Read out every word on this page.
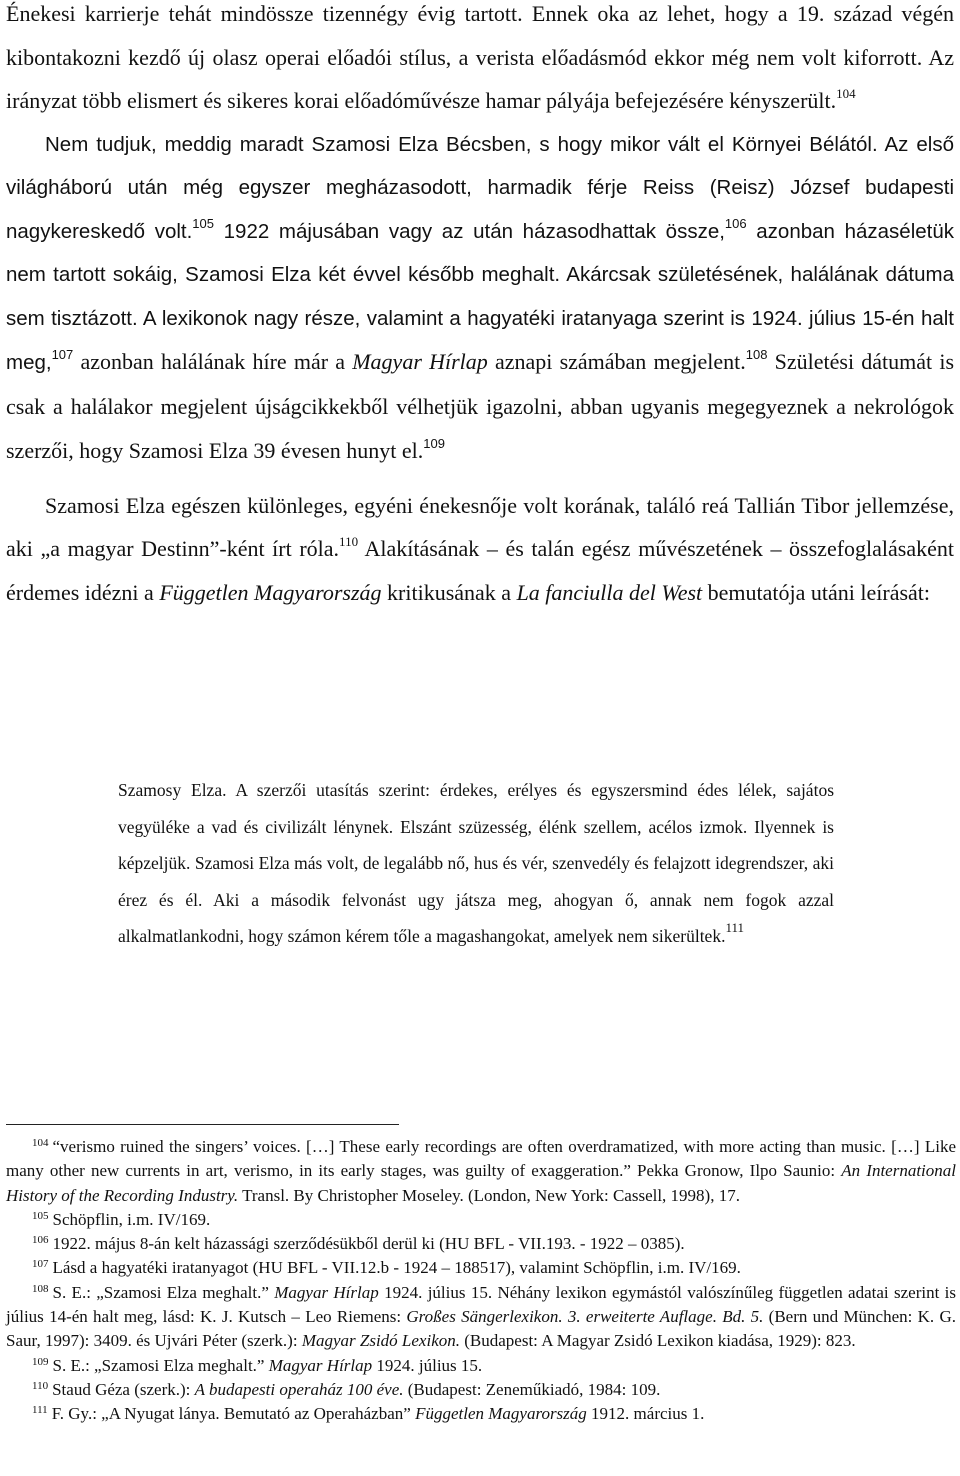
Énekesi karrierje tehát mindössze tizennégy évig tartott. Ennek oka az lehet, hogy a 19. század végén kibontakozni kezdő új olasz operai előadói stílus, a verista előadásmód ekkor még nem volt kiforrott. Az irányzat több elismert és sikeres korai előadóművésze hamar pályája befejezésére kényszerült.$^{104}$
Nem tudjuk, meddig maradt Szamosi Elza Bécsben, s hogy mikor vált el Környei Bélától. Az első világháború után még egyszer megházasodott, harmadik férje Reiss (Reisz) József budapesti nagykereskedő volt.$^{105}$ 1922 májusában vagy az után házasodhattak össze,$^{106}$ azonban házaséletük nem tartott sokáig, Szamosi Elza két évvel később meghalt. Akárcsak születésének, halálának dátuma sem tisztázott. A lexikonok nagy része, valamint a hagyatéki iratanyaga szerint is 1924. július 15-én halt meg,$^{107}$ azonban halálának híre már a Magyar Hírlap aznapi számában megjelent.$^{108}$ Születési dátumát is csak a halálakor megjelent újságcikkekből vélhetjük igazolni, abban ugyanis megegyeznek a nekrológok szerzői, hogy Szamosi Elza 39 évesen hunyt el.$^{109}$

Szamosi Elza egészen különleges, egyéni énekesnője volt korának, találó reá Tallián Tibor jellemzése, aki „a magyar Destinn”-ként írt róla.$^{110}$ Alakításának – és talán egész művészetének – összefoglalásaként érdemes idézni a Független Magyarország kritikusának a La fanciulla del West bemutatója utáni leírását:

Szamosy Elza. A szerzői utasítás szerint: érdekes, erélyes és egyszersmind édes lélek, sajátos vegyüléke a vad és civilizált lénynek. Elszánt szüzesség, élénk szellem, acélos izmok. Ilyennek is képzeljük. Szamosi Elza más volt, de legalább nő, hus és vér, szenvedély és felajzott idegrendszer, aki érez és él. Aki a második felvonást ugy játsza meg, ahogyan ő, annak nem fogok azzal alkalmatlankodni, hogy számon kérem tőle a magashangokat, amelyek nem sikerültek.$^{111}$

$^{104}$ “verismo ruined the singers’ voices. […] These early recordings are often overdramatized, with more acting than music. […] Like many other new currents in art, verismo, in its early stages, was guilty of exaggeration.” Pekka Gronow, Ilpo Saunio: An International History of the Recording Industry. Transl. By Christopher Moseley. (London, New York: Cassell, 1998), 17.

$^{105}$ Schöpflin, i.m. IV/169.

$^{106}$ 1922. május 8-án kelt házassági szerződésükből derül ki (HU BFL - VII.193. - 1922 – 0385).

$^{107}$ Lásd a hagyatéki iratanyagot (HU BFL - VII.12.b - 1924 – 188517), valamint Schöpflin, i.m. IV/169.

$^{108}$ S. E.: „Szamosi Elza meghalt.” Magyar Hírlap 1924. július 15. Néhány lexikon egymástól valószínűleg független adatai szerint is július 14-én halt meg, lásd: K. J. Kutsch – Leo Riemens: Großes Sängerlexikon. 3. erweiterte Auflage. Bd. 5. (Bern und München: K. G. Saur, 1997): 3409. és Ujvári Péter (szerk.): Magyar Zsidó Lexikon. (Budapest: A Magyar Zsidó Lexikon kiadása, 1929): 823.

$^{109}$ S. E.: „Szamosi Elza meghalt.” Magyar Hírlap 1924. július 15.

$^{110}$ Staud Géza (szerk.): A budapesti operaház 100 éve. (Budapest: Zeneműkiadó, 1984: 109.

$^{111}$ F. Gy.: „A Nyugat lánya. Bemutató az Operaházban” Független Magyarország 1912. március 1.
